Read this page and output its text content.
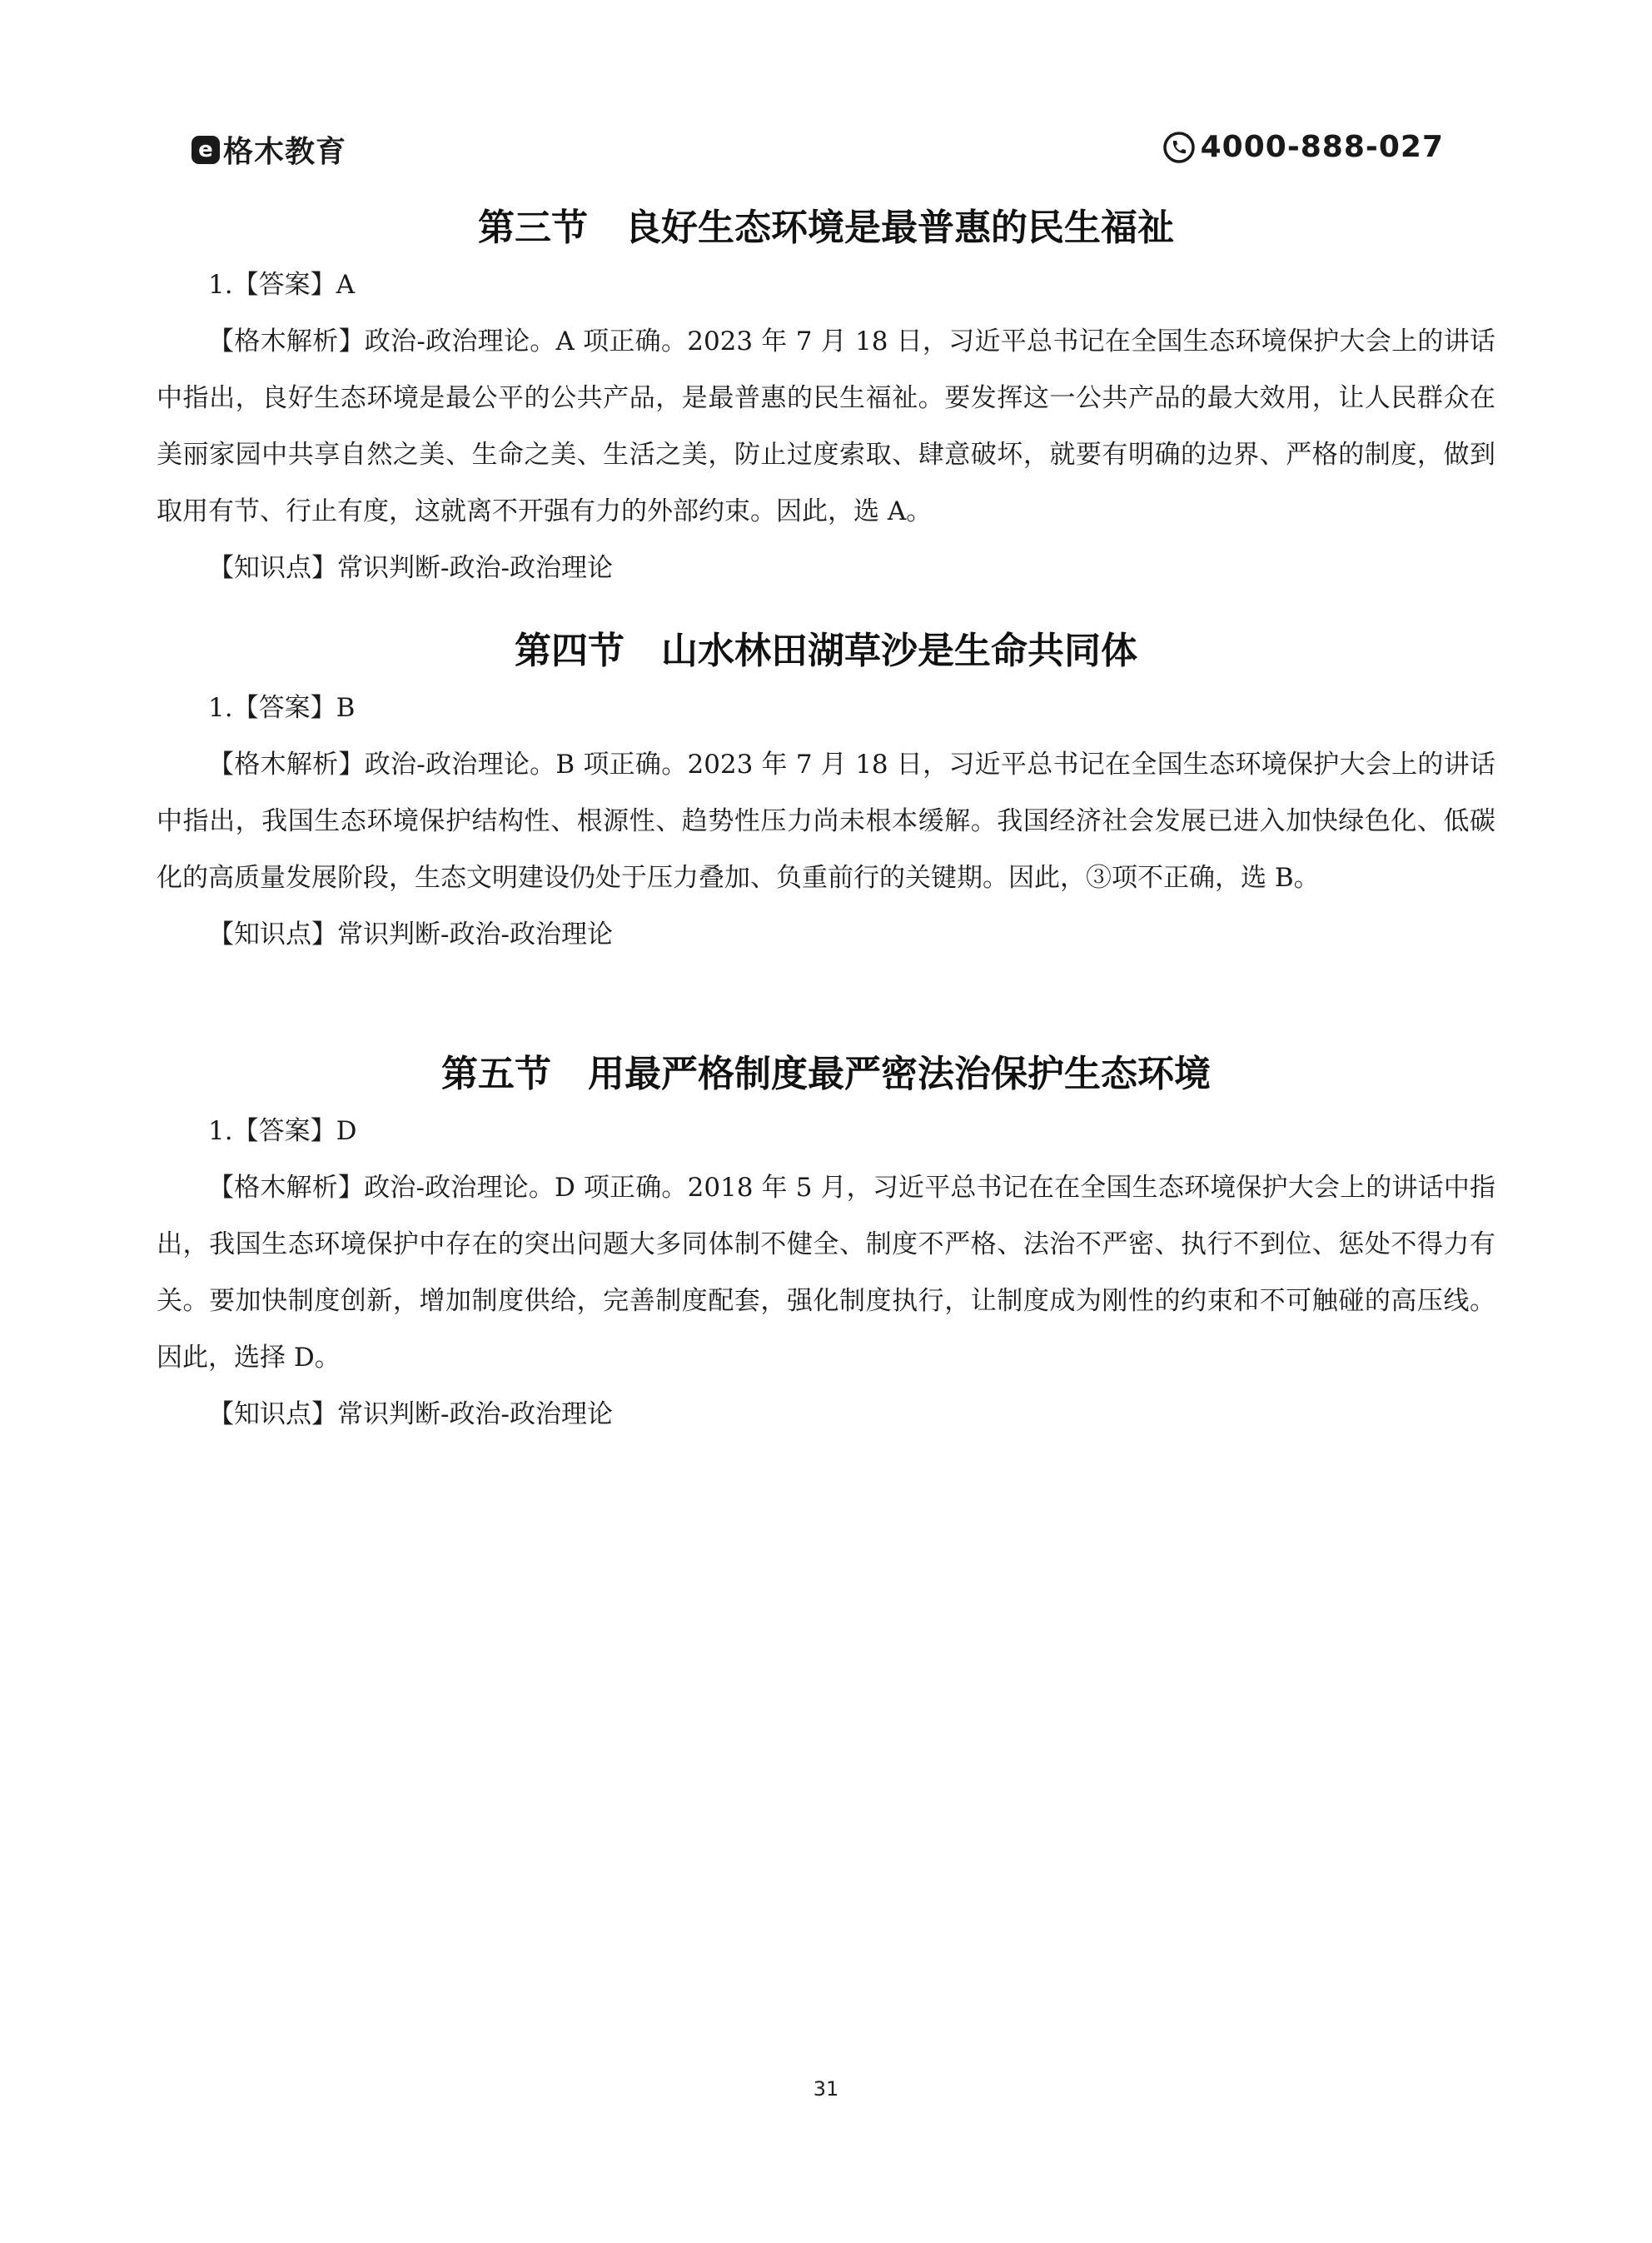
e 格木教育	4000-888-027
第三节 良好生态环境是最普惠的民生福祉

1.【答案】A

【格木解析】政治-政治理论。A 项正确。2023 年 7 月 18 日，习近平总书记在全国生态环境保护大会上的讲话中指出，良好生态环境是最公平的公共产品，是最普惠的民生福祉。要发挥这一公共产品的最大效用，让人民群众在美丽家园中共享自然之美、生命之美、生活之美，防止过度索取、肆意破坏，就要有明确的边界、严格的制度，做到取用有节、行止有度，这就离不开强有力的外部约束。因此，选 A。

【知识点】常识判断-政治-政治理论

第四节 山水林田湖草沙是生命共同体

1.【答案】B

【格木解析】政治-政治理论。B 项正确。2023 年 7 月 18 日，习近平总书记在全国生态环境保护大会上的讲话中指出，我国生态环境保护结构性、根源性、趋势性压力尚未根本缓解。我国经济社会发展已进入加快绿色化、低碳化的高质量发展阶段，生态文明建设仍处于压力叠加、负重前行的关键期。因此，③项不正确，选 B。

【知识点】常识判断-政治-政治理论

第五节 用最严格制度最严密法治保护生态环境

1.【答案】D

【格木解析】政治-政治理论。D 项正确。2018 年 5 月，习近平总书记在在全国生态环境保护大会上的讲话中指出，我国生态环境保护中存在的突出问题大多同体制不健全、制度不严格、法治不严密、执行不到位、惩处不得力有关。要加快制度创新，增加制度供给，完善制度配套，强化制度执行，让制度成为刚性的约束和不可触碰的高压线。因此，选择 D。

【知识点】常识判断-政治-政治理论

31
